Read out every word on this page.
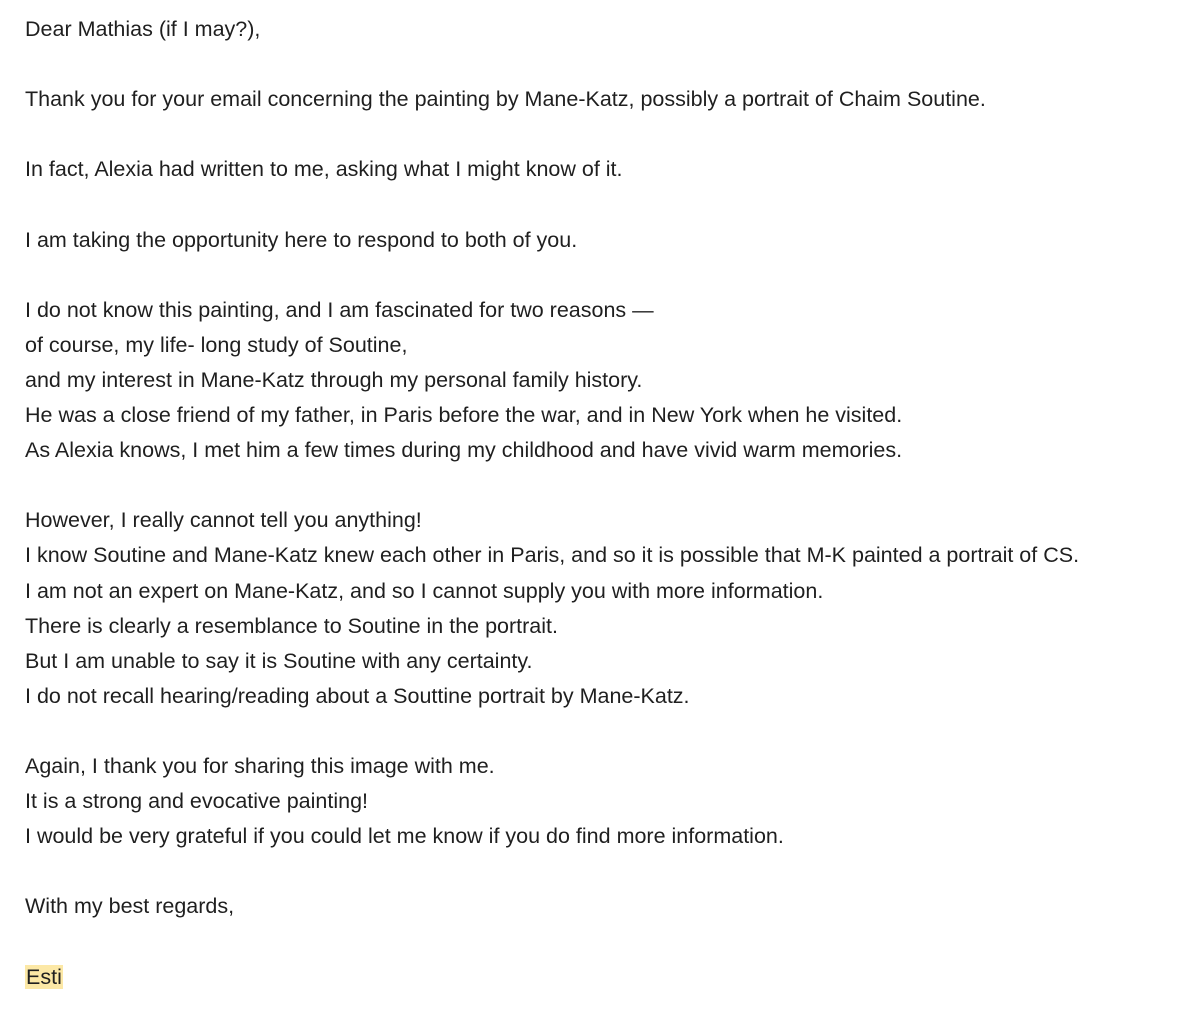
Dear Mathias (if I may?),
Thank you for your email concerning the painting by Mane-Katz, possibly a portrait of Chaim Soutine.
In fact, Alexia had written to me, asking what I might know of it.
I am taking the opportunity here to respond to both of you.
I do not know this painting, and I am fascinated for two reasons —
of course, my life- long study of Soutine,
and my interest in Mane-Katz through my personal family history.
He was a close friend of my father, in Paris before the war, and in New York when he visited.
As Alexia knows, I met him a few times during my childhood and have vivid warm memories.
However, I really cannot tell you anything!
I know Soutine and Mane-Katz knew each other in Paris, and so it is possible that M-K painted a portrait of CS.
I am not an expert on Mane-Katz, and so I cannot supply you with more information.
There is clearly a resemblance to Soutine in the portrait.
But I am unable to say it is Soutine with any certainty.
I do not recall hearing/reading about a Souttine portrait by Mane-Katz.
Again, I thank you for sharing this image with me.
It is a strong and evocative painting!
I would be very grateful if you could let me know if you do find more information.
With my best regards,
Esti
